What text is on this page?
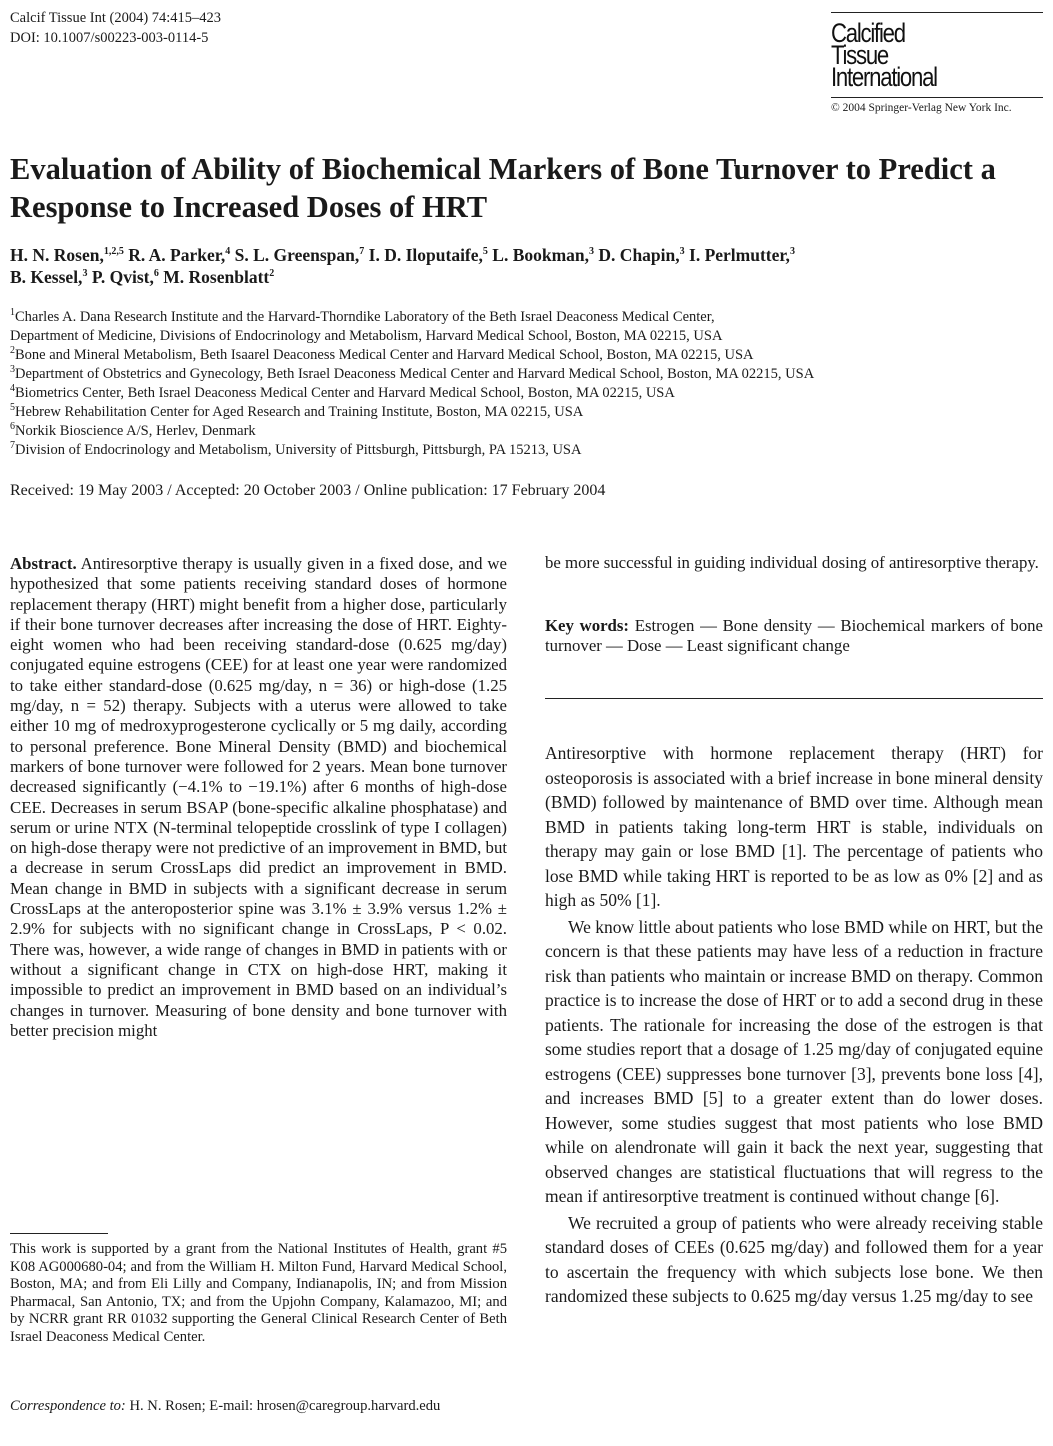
Calcif Tissue Int (2004) 74:415–423
DOI: 10.1007/s00223-003-0114-5	Calcified
Tissue
International
© 2004 Springer-Verlag New York Inc.
Evaluation of Ability of Biochemical Markers of Bone Turnover to Predict a Response to Increased Doses of HRT
H. N. Rosen,$^{1,2,5}$ R. A. Parker,$^4$ S. L. Greenspan,$^7$ I. D. Iloputaife,$^5$ L. Bookman,$^3$ D. Chapin,$^3$ I. Perlmutter,$^3$
B. Kessel,$^3$ P. Qvist,$^6$ M. Rosenblatt$^2$
$^1$Charles A. Dana Research Institute and the Harvard-Thorndike Laboratory of the Beth Israel Deaconess Medical Center,
Department of Medicine, Divisions of Endocrinology and Metabolism, Harvard Medical School, Boston, MA 02215, USA
$^2$Bone and Mineral Metabolism, Beth Isaarel Deaconess Medical Center and Harvard Medical School, Boston, MA 02215, USA
$^3$Department of Obstetrics and Gynecology, Beth Israel Deaconess Medical Center and Harvard Medical School, Boston, MA 02215, USA
$^4$Biometrics Center, Beth Israel Deaconess Medical Center and Harvard Medical School, Boston, MA 02215, USA
$^5$Hebrew Rehabilitation Center for Aged Research and Training Institute, Boston, MA 02215, USA
$^6$Norkik Bioscience A/S, Herlev, Denmark
$^7$Division of Endocrinology and Metabolism, University of Pittsburgh, Pittsburgh, PA 15213, USA
Received: 19 May 2003 / Accepted: 20 October 2003 / Online publication: 17 February 2004
Abstract. Antiresorptive therapy is usually given in a fixed dose, and we hypothesized that some patients receiving standard doses of hormone replacement therapy (HRT) might benefit from a higher dose, particularly if their bone turnover decreases after increasing the dose of HRT. Eighty-eight women who had been receiving standard-dose (0.625 mg/day) conjugated equine estrogens (CEE) for at least one year were randomized to take either standard-dose (0.625 mg/day, n = 36) or high-dose (1.25 mg/day, n = 52) therapy. Subjects with a uterus were allowed to take either 10 mg of medroxyprogesterone cyclically or 5 mg daily, according to personal preference. Bone Mineral Density (BMD) and biochemical markers of bone turnover were followed for 2 years. Mean bone turnover decreased significantly (−4.1% to −19.1%) after 6 months of high-dose CEE. Decreases in serum BSAP (bone-specific alkaline phosphatase) and serum or urine NTX (N-terminal telopeptide crosslink of type I collagen) on high-dose therapy were not predictive of an improvement in BMD, but a decrease in serum CrossLaps did predict an improvement in BMD. Mean change in BMD in subjects with a significant decrease in serum CrossLaps at the anteroposterior spine was 3.1% ± 3.9% versus 1.2% ± 2.9% for subjects with no significant change in CrossLaps, P < 0.02. There was, however, a wide range of changes in BMD in patients with or without a significant change in CTX on high-dose HRT, making it impossible to predict an improvement in BMD based on an individual’s changes in turnover. Measuring of bone density and bone turnover with better precision might
This work is supported by a grant from the National Institutes of Health, grant #5 K08 AG000680-04; and from the William H. Milton Fund, Harvard Medical School, Boston, MA; and from Eli Lilly and Company, Indianapolis, IN; and from Mission Pharmacal, San Antonio, TX; and from the Upjohn Company, Kalamazoo, MI; and by NCRR grant RR 01032 supporting the General Clinical Research Center of Beth Israel Deaconess Medical Center.
Correspondence to: H. N. Rosen; E-mail: hrosen@caregroup.harvard.edu
be more successful in guiding individual dosing of antiresorptive therapy.
Key words: Estrogen — Bone density — Biochemical markers of bone turnover — Dose — Least significant change

Antiresorptive with hormone replacement therapy (HRT) for osteoporosis is associated with a brief increase in bone mineral density (BMD) followed by maintenance of BMD over time. Although mean BMD in patients taking long-term HRT is stable, individuals on therapy may gain or lose BMD [1]. The percentage of patients who lose BMD while taking HRT is reported to be as low as 0% [2] and as high as 50% [1].

We know little about patients who lose BMD while on HRT, but the concern is that these patients may have less of a reduction in fracture risk than patients who maintain or increase BMD on therapy. Common practice is to increase the dose of HRT or to add a second drug in these patients. The rationale for increasing the dose of the estrogen is that some studies report that a dosage of 1.25 mg/day of conjugated equine estrogens (CEE) suppresses bone turnover [3], prevents bone loss [4], and increases BMD [5] to a greater extent than do lower doses. However, some studies suggest that most patients who lose BMD while on alendronate will gain it back the next year, suggesting that observed changes are statistical fluctuations that will regress to the mean if antiresorptive treatment is continued without change [6].

We recruited a group of patients who were already receiving stable standard doses of CEEs (0.625 mg/day) and followed them for a year to ascertain the frequency with which subjects lose bone. We then randomized these subjects to 0.625 mg/day versus 1.25 mg/day to see
